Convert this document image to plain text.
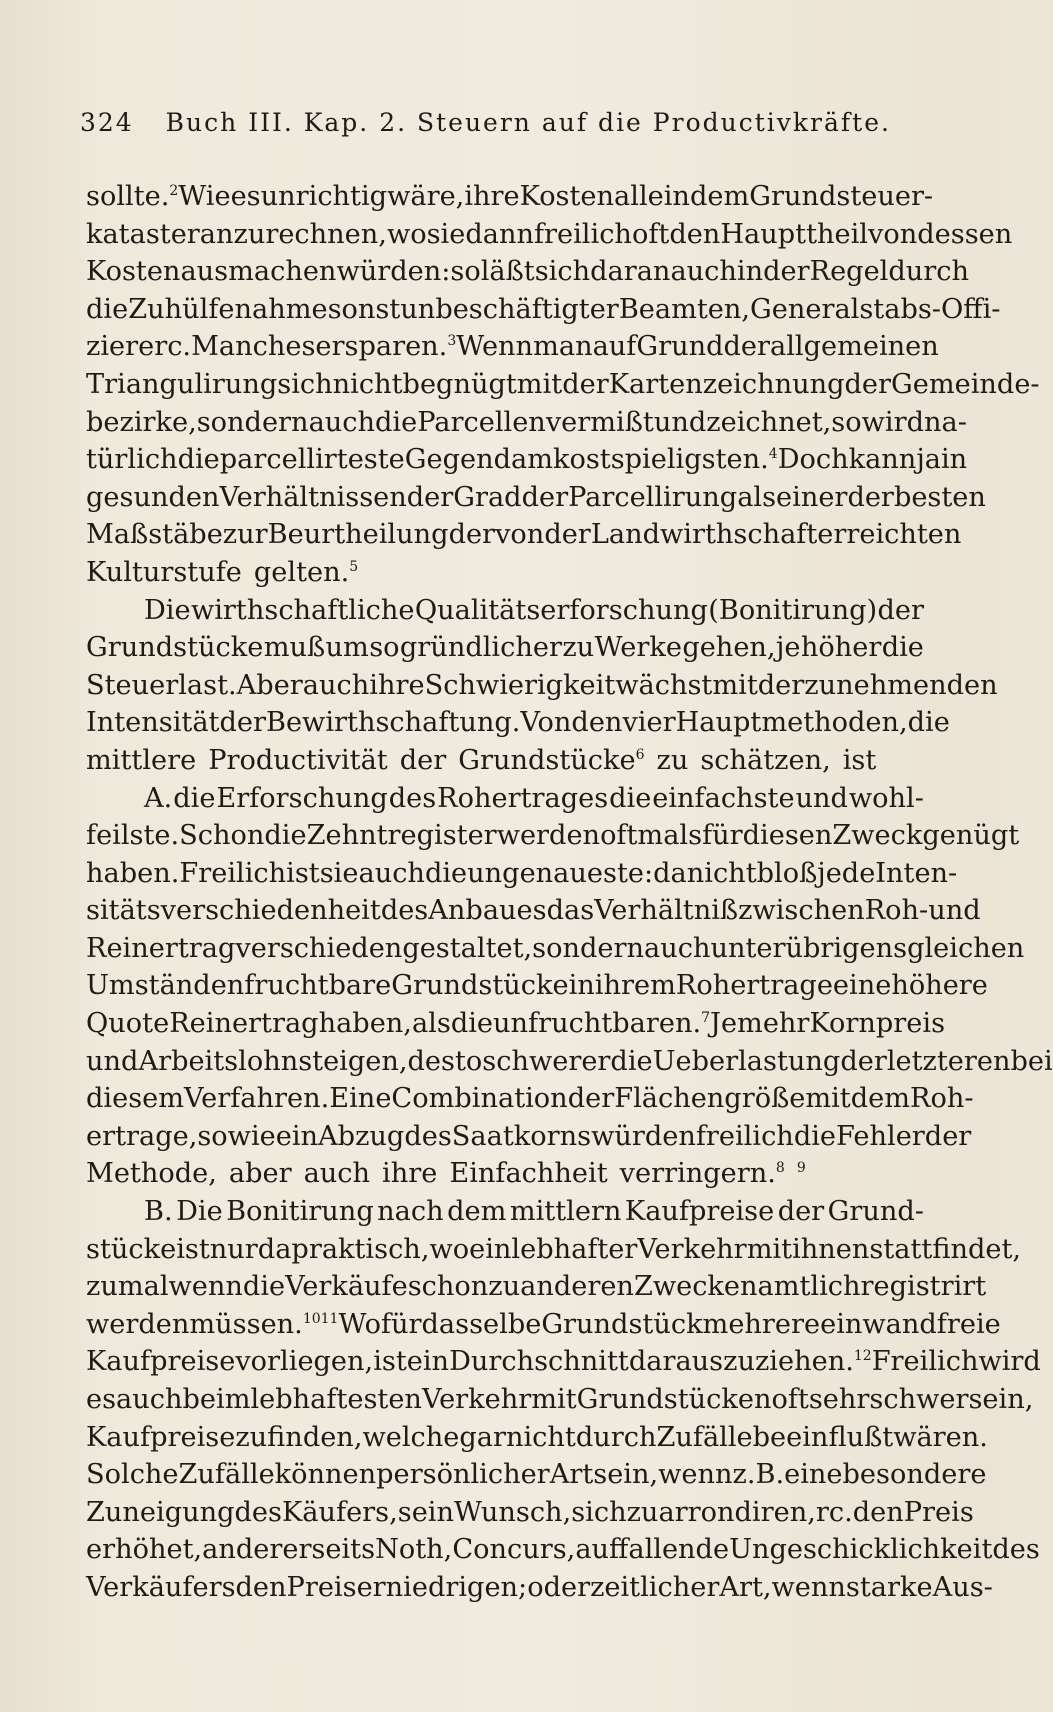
324 Buch III. Kap. 2. Steuern auf die Productivkräfte.
sollte.$^2$ Wie es unrichtig wäre, ihre Kosten allein dem Grundsteuer-
kataster anzurechnen, wo sie dann freilich oft den Haupttheil von dessen
Kosten ausmachen würden: so läßt sich daran auch in der Regel durch
die Zuhülfenahme sonst unbeschäftigter Beamten, Generalstabs-Offi-
ziere rc. Manches ersparen.$^3$ Wenn man auf Grund der allgemeinen
Triangulirung sich nicht begnügt mit der Kartenzeichnung der Gemeinde-
bezirke, sondern auch die Parcellen vermißt und zeichnet, so wird na-
türlich die parcellirteste Gegend am kostspieligsten.$^4$ Doch kann ja in
gesunden Verhältnissen der Grad der Parcellirung als einer der besten
Maßstäbe zur Beurtheilung der von der Landwirthschaft erreichten
Kulturstufe gelten.$^5$
Die wirthschaftliche Qualitätserforschung (Bonitirung) der
Grundstücke muß um so gründlicher zu Werke gehen, je höher die
Steuerlast. Aber auch ihre Schwierigkeit wächst mit der zunehmenden
Intensität der Bewirthschaftung. Von den vier Hauptmethoden, die
mittlere Productivität der Grundstücke$^6$ zu schätzen, ist
A. die Erforschung des Rohertrages die einfachste und wohl-
feilste. Schon die Zehntregister werden oftmals für diesen Zweck genügt
haben. Freilich ist sie auch die ungenaueste: da nicht bloß jede Inten-
sitätsverschiedenheit des Anbaues das Verhältniß zwischen Roh- und
Reinertrag verschieden gestaltet, sondern auch unter übrigens gleichen
Umständen fruchtbare Grundstücke in ihrem Rohertrage eine höhere
Quote Reinertrag haben, als die unfruchtbaren.$^7$ Je mehr Kornpreis
und Arbeitslohn steigen, desto schwerer die Ueberlastung der letzteren bei
diesem Verfahren. Eine Combination der Flächengröße mit dem Roh-
ertrage, sowie ein Abzug des Saatkorns würden freilich die Fehler der
Methode, aber auch ihre Einfachheit verringern.$^8$ $^9$
B. Die Bonitirung nach dem mittlern Kaufpreise der Grund-
stücke ist nur da praktisch, wo ein lebhafter Verkehr mit ihnen stattfindet,
zumal wenn die Verkäufe schon zu anderen Zwecken amtlich registrirt
werden müssen.$^{10}$ $^{11}$ Wo für dasselbe Grundstück mehrere einwandfreie
Kaufpreise vorliegen, ist ein Durchschnitt daraus zu ziehen.$^{12}$ Freilich wird
es auch beim lebhaftesten Verkehr mit Grundstücken oft sehr schwer sein,
Kaufpreise zu finden, welche gar nicht durch Zufälle beeinflußt wären.
Solche Zufälle können persönlicher Art sein, wenn z. B. eine besondere
Zuneigung des Käufers, sein Wunsch, sich zu arrondiren, rc. den Preis
erhöhet, andererseits Noth, Concurs, auffallende Ungeschicklichkeit des
Verkäufers den Preis erniedrigen; oder zeitlicher Art, wenn starke Aus-
